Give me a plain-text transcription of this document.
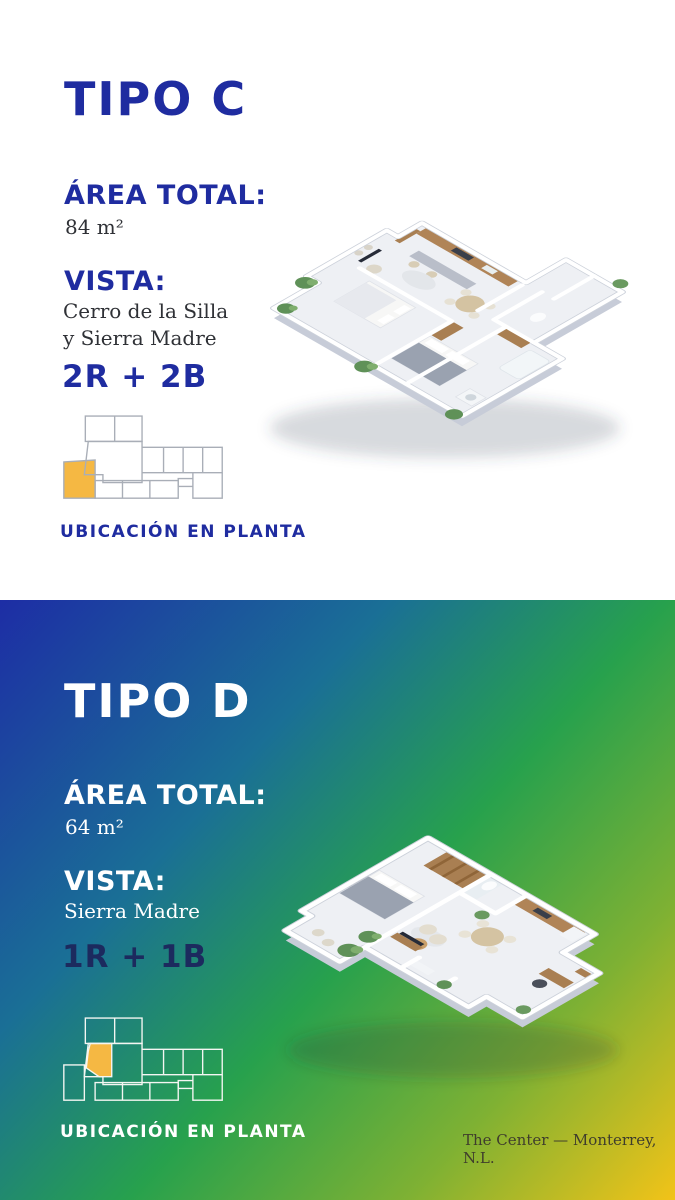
TIPO C
ÁREA TOTAL:
84 m²
VISTA:
Cerro de la Silla
y Sierra Madre
2R + 2B
UBICACIÓN EN PLANTA
TIPO D
ÁREA TOTAL:
64 m²
VISTA:
Sierra Madre
1R + 1B
UBICACIÓN EN PLANTA	The Center — Monterrey, N.L.
